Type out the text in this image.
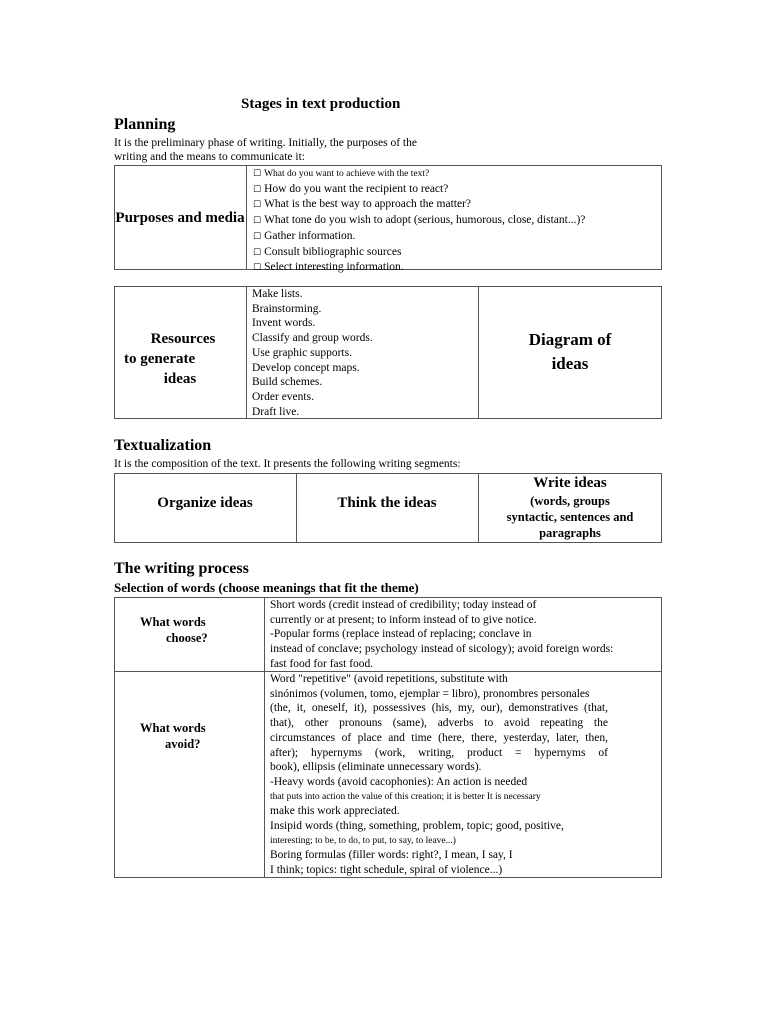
Stages in text production
Planning
It is the preliminary phase of writing. Initially, the purposes of the
writing and the means to communicate it:
Purposes and media
☐ What do you want to achieve with the text?
☐ How do you want the recipient to react?
☐ What is the best way to approach the matter?
☐ What tone do you wish to adopt (serious, humorous, close, distant...)?
☐ Gather information.
☐ Consult bibliographic sources
☐ Select interesting information.
Resources
to generate
ideas
Make lists.
Brainstorming.
Invent words.
Classify and group words.
Use graphic supports.
Develop concept maps.
Build schemes.
Order events.
Draft live.
Diagram of
ideas
Textualization
It is the composition of the text. It presents the following writing segments:
Organize ideas	Think the ideas
Write ideas
(words, groups
syntactic, sentences and
paragraphs
The writing process
Selection of words (choose meanings that fit the theme)
What words
choose?
Short words (credit instead of credibility; today instead of
currently or at present; to inform instead of to give notice.
-Popular forms (replace instead of replacing; conclave in
instead of conclave; psychology instead of sicology); avoid foreign words:
fast food for fast food.
What words
avoid?
Word "repetitive" (avoid repetitions, substitute with
sinónimos (volumen, tomo, ejemplar = libro), pronombres personales
(the, it, oneself, it), possessives (his, my, our), demonstratives (that,
that), other pronouns (same), adverbs to avoid repeating the
circumstances of place and time (here, there, yesterday, later, then,
after); hypernyms (work, writing, product = hypernyms of
book), ellipsis (eliminate unnecessary words).
-Heavy words (avoid cacophonies): An action is needed
that puts into action the value of this creation; it is better It is necessary
make this work appreciated.
Insipid words (thing, something, problem, topic; good, positive,
interesting; to be, to do, to put, to say, to leave...)
Boring formulas (filler words: right?, I mean, I say, I
I think; topics: tight schedule, spiral of violence...)
